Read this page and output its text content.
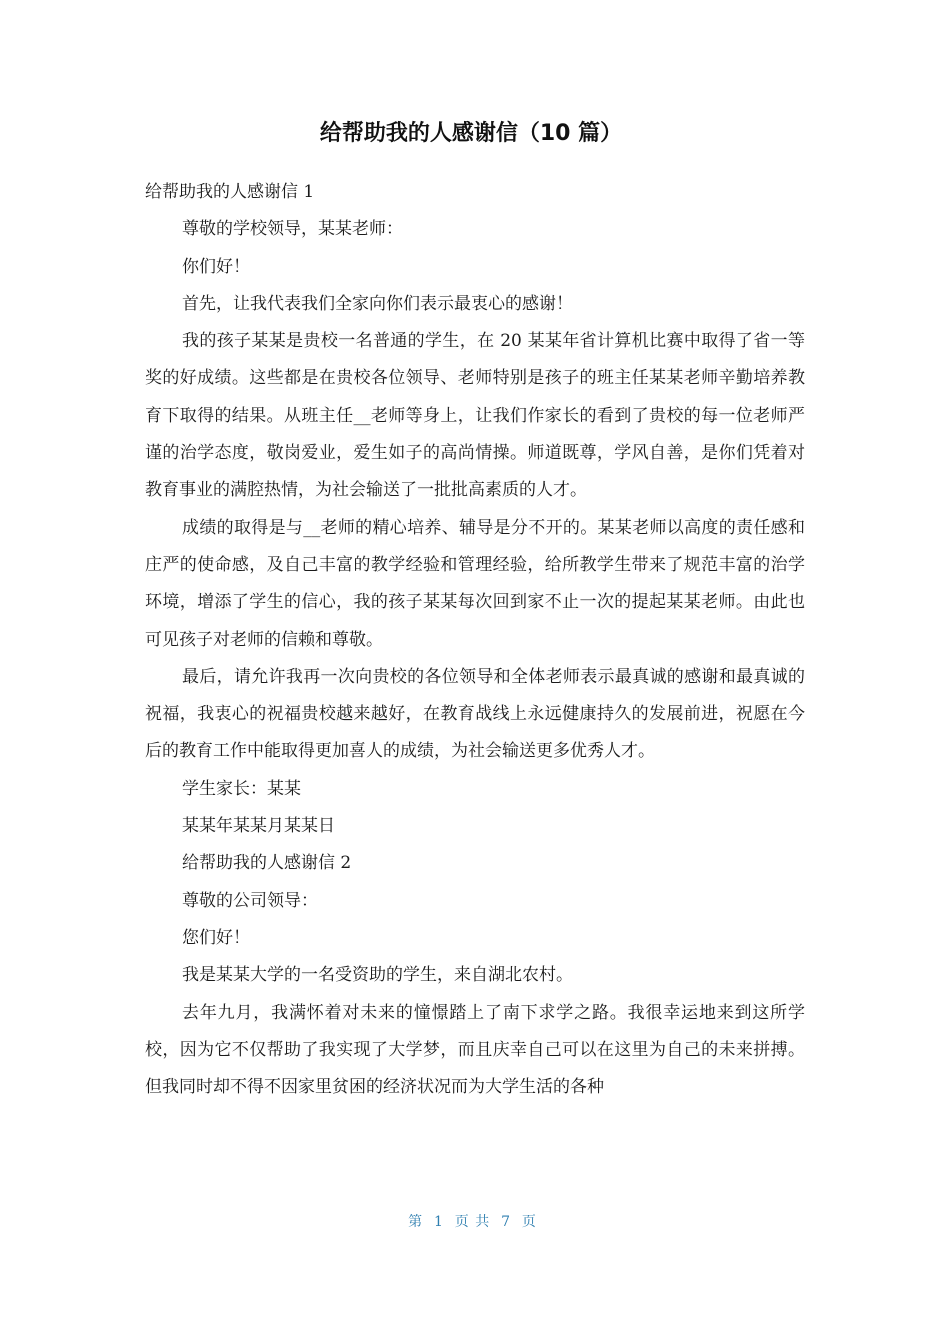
给帮助我的人感谢信（10 篇）

给帮助我的人感谢信 1

尊敬的学校领导，某某老师：

你们好！

首先，让我代表我们全家向你们表示最衷心的感谢！

我的孩子某某是贵校一名普通的学生，在 20 某某年省计算机比赛中取得了省一等奖的好成绩。这些都是在贵校各位领导、老师特别是孩子的班主任某某老师辛勤培养教育下取得的结果。从班主任__老师等身上，让我们作家长的看到了贵校的每一位老师严谨的治学态度，敬岗爱业，爱生如子的高尚情操。师道既尊，学风自善，是你们凭着对教育事业的满腔热情，为社会输送了一批批高素质的人才。

成绩的取得是与__老师的精心培养、辅导是分不开的。某某老师以高度的责任感和庄严的使命感，及自己丰富的教学经验和管理经验，给所教学生带来了规范丰富的治学环境，增添了学生的信心，我的孩子某某每次回到家不止一次的提起某某老师。由此也可见孩子对老师的信赖和尊敬。

最后，请允许我再一次向贵校的各位领导和全体老师表示最真诚的感谢和最真诚的祝福，我衷心的祝福贵校越来越好，在教育战线上永远健康持久的发展前进，祝愿在今后的教育工作中能取得更加喜人的成绩，为社会输送更多优秀人才。

学生家长：某某

某某年某某月某某日

给帮助我的人感谢信 2

尊敬的公司领导：

您们好！

我是某某大学的一名受资助的学生，来自湖北农村。

去年九月，我满怀着对未来的憧憬踏上了南下求学之路。我很幸运地来到这所学校，因为它不仅帮助了我实现了大学梦，而且庆幸自己可以在这里为自己的未来拼搏。但我同时却不得不因家里贫困的经济状况而为大学生活的各种

第  1  页 共  7  页
